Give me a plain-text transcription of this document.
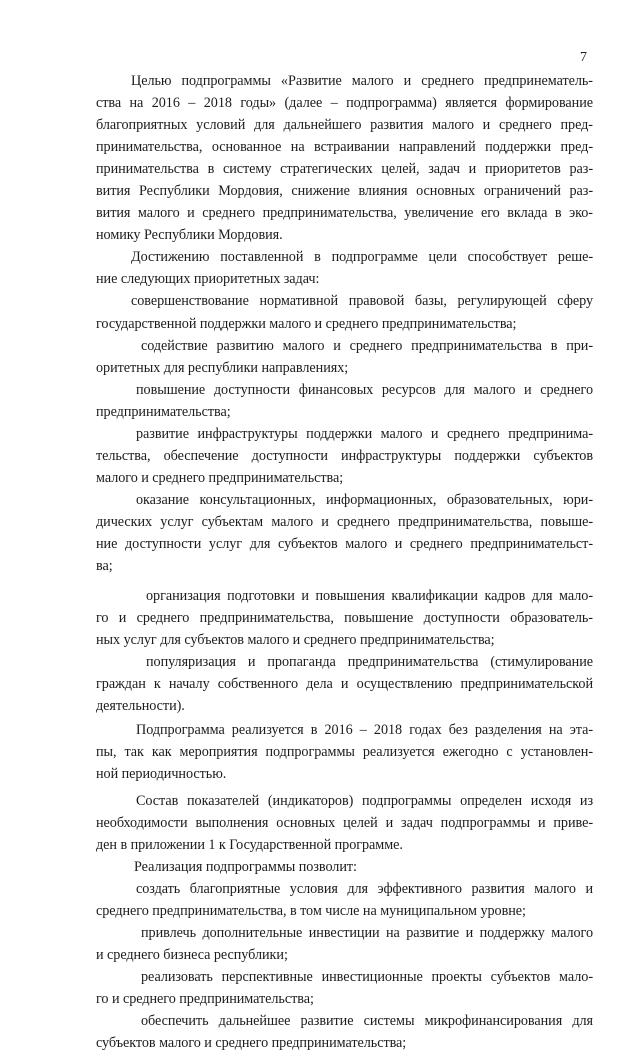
7
Целью подпрограммы «Развитие малого и среднего предпринематель-
ства на 2016 – 2018 годы» (далее – подпрограмма) является формирование
благоприятных условий для дальнейшего развития малого и среднего пред-
принимательства, основанное на встраивании направлений поддержки пред-
принимательства в систему стратегических целей, задач и приоритетов раз-
вития Республики Мордовия, снижение влияния основных ограничений раз-
вития малого и среднего предпринимательства, увеличение его вклада в эко-
номику Республики Мордовия.
Достижению поставленной в подпрограмме цели способствует реше-
ние следующих приоритетных задач:
совершенствование нормативной правовой базы, регулирующей сферу
государственной поддержки малого и среднего предпринимательства;
содействие развитию малого и среднего предпринимательства в при-
оритетных для республики направлениях;
повышение доступности финансовых ресурсов для малого и среднего
предпринимательства;
развитие инфраструктуры поддержки малого и среднего предпринима-
тельства, обеспечение доступности инфраструктуры поддержки субъектов
малого и среднего предпринимательства;
оказание консультационных, информационных, образовательных, юри-
дических услуг субъектам малого и среднего предпринимательства, повыше-
ние доступности услуг для субъектов малого и среднего предпринимательст-
ва;
организация подготовки и повышения квалификации кадров для мало-
го и среднего предпринимательства, повышение доступности образователь-
ных услуг для субъектов малого и среднего предпринимательства;
популяризация и пропаганда предпринимательства (стимулирование
граждан к началу собственного дела и осуществлению предпринимательской
деятельности).
Подпрограмма реализуется в 2016 – 2018 годах без разделения на эта-
пы, так как мероприятия подпрограммы реализуется ежегодно с установлен-
ной периодичностью.
Состав показателей (индикаторов) подпрограммы определен исходя из
необходимости выполнения основных целей и задач подпрограммы и приве-
ден в приложении 1 к Государственной программе.
Реализация подпрограммы позволит:
создать благоприятные условия для эффективного развития малого и
среднего предпринимательства, в том числе на муниципальном уровне;
привлечь дополнительные инвестиции на развитие и поддержку малого
и среднего бизнеса республики;
реализовать перспективные инвестиционные проекты субъектов мало-
го и среднего предпринимательства;
обеспечить дальнейшее развитие системы микрофинансирования для
субъектов малого и среднего предпринимательства;
